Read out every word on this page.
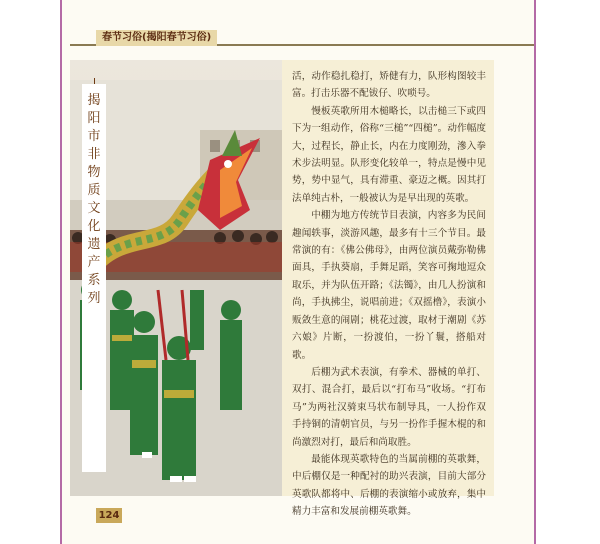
春节习俗(揭阳春节习俗)
揭
阳
市
非
物
质
文
化
遗
产
系
列

活，动作稳扎稳打，矫健有力，队形构图较丰富。打击乐器不配钹仔、吹唢号。

慢板英歌所用木槌略长，以击槌三下或四下为一组动作，俗称“三槌”“四槌”。动作幅度大，过程长，静止长，内在力度刚劲，滲入拳术步法明显。队形变化较单一，特点是慢中见势，势中显气，具有滞重、豪迈之概。因其打法单纯古朴，一般被认为是早出现的英歌。

中棚为地方传统节目表演，内容多为民间趣闻轶事，淡游风趣，最多有十三个节目。最常演的有：《佛公佛母》，由两位演员戴弥勒佛面具，手执葵扇，手舞足蹈，笑容可掬地逗众取乐，并为队伍开路；《法镯》，由几人扮演和尚，手执拂尘，说唱前进；《双摇橹》，表演小贩敛生意的闹剧；桃花过渡，取材于潮剧《苏六娘》片断，一扮渡伯，一扮丫鬟，搭船对歌。

后棚为武术表演，有拳术、器械的单打、双打、混合打，最后以“打布马”收场。“打布马”为两社汉骑束马状布制导具，一人扮作双手持铜的清朝官员，与另一扮作手握木棍的和尚激烈对打，最后和尚取胜。

最能体现英歌特色的当属前棚的英歌舞，中后棚仅是一种配衬的助兴表演，目前大部分英歌队都将中、后棚的表演缩小或放弃，集中精力丰富和发展前棚英歌舞。

124
